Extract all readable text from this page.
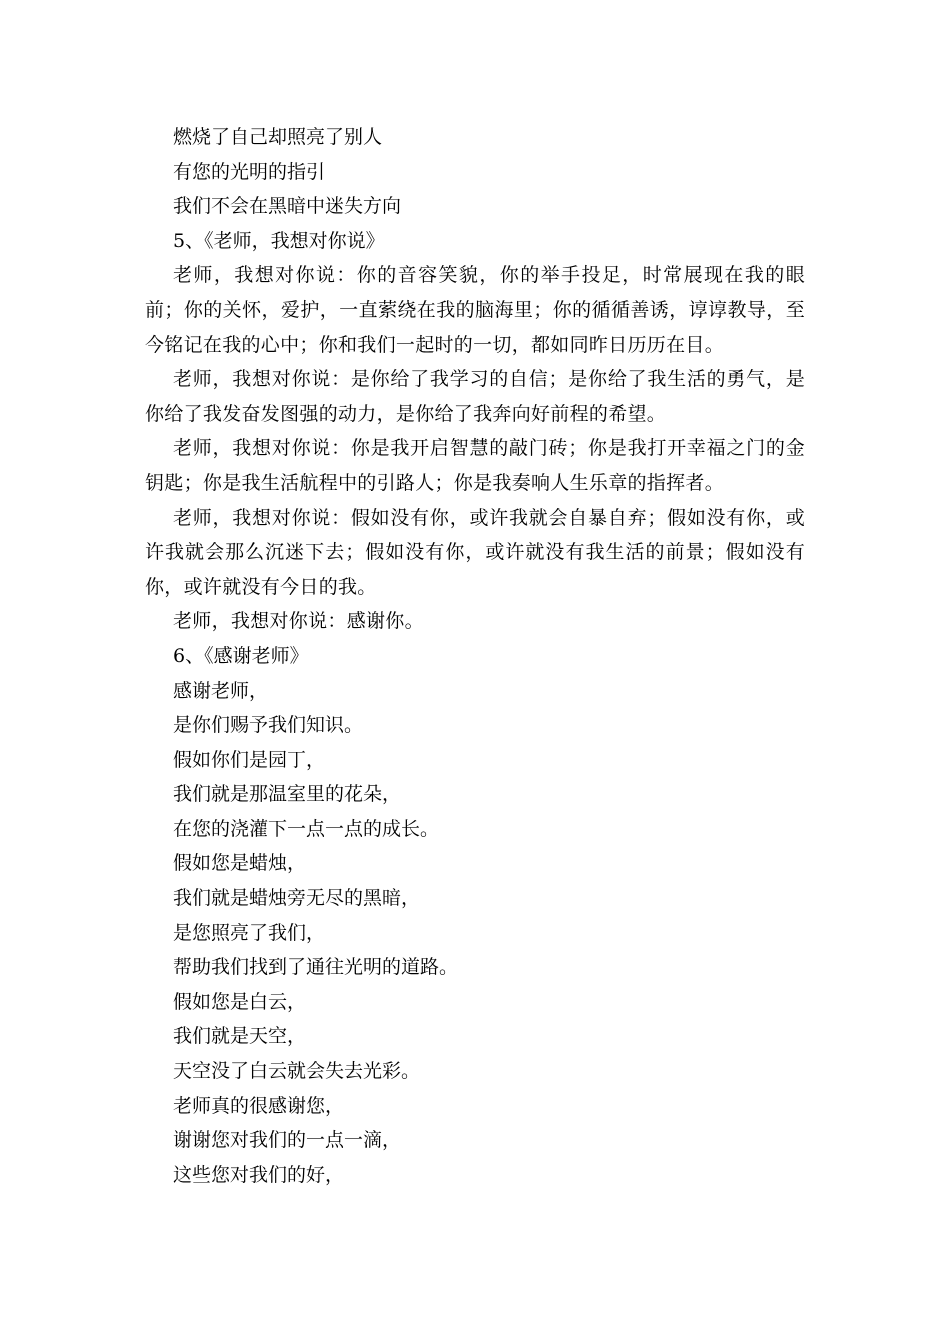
燃烧了自己却照亮了别人
有您的光明的指引
我们不会在黑暗中迷失方向
5、《老师，我想对你说》
老师，我想对你说：你的音容笑貌，你的举手投足，时常展现在我的眼前；你的关怀，爱护，一直萦绕在我的脑海里；你的循循善诱，谆谆教导，至今铭记在我的心中；你和我们一起时的一切，都如同昨日历历在目。
老师，我想对你说：是你给了我学习的自信；是你给了我生活的勇气，是你给了我发奋发图强的动力，是你给了我奔向好前程的希望。
老师，我想对你说：你是我开启智慧的敲门砖；你是我打开幸福之门的金钥匙；你是我生活航程中的引路人；你是我奏响人生乐章的指挥者。
老师，我想对你说：假如没有你，或许我就会自暴自弃；假如没有你，或许我就会那么沉迷下去；假如没有你，或许就没有我生活的前景；假如没有你，或许就没有今日的我。
老师，我想对你说：感谢你。
6、《感谢老师》
感谢老师，
是你们赐予我们知识。
假如你们是园丁，
我们就是那温室里的花朵，
在您的浇灌下一点一点的成长。
假如您是蜡烛，
我们就是蜡烛旁无尽的黑暗，
是您照亮了我们，
帮助我们找到了通往光明的道路。
假如您是白云，
我们就是天空，
天空没了白云就会失去光彩。
老师真的很感谢您，
谢谢您对我们的一点一滴，
这些您对我们的好，
